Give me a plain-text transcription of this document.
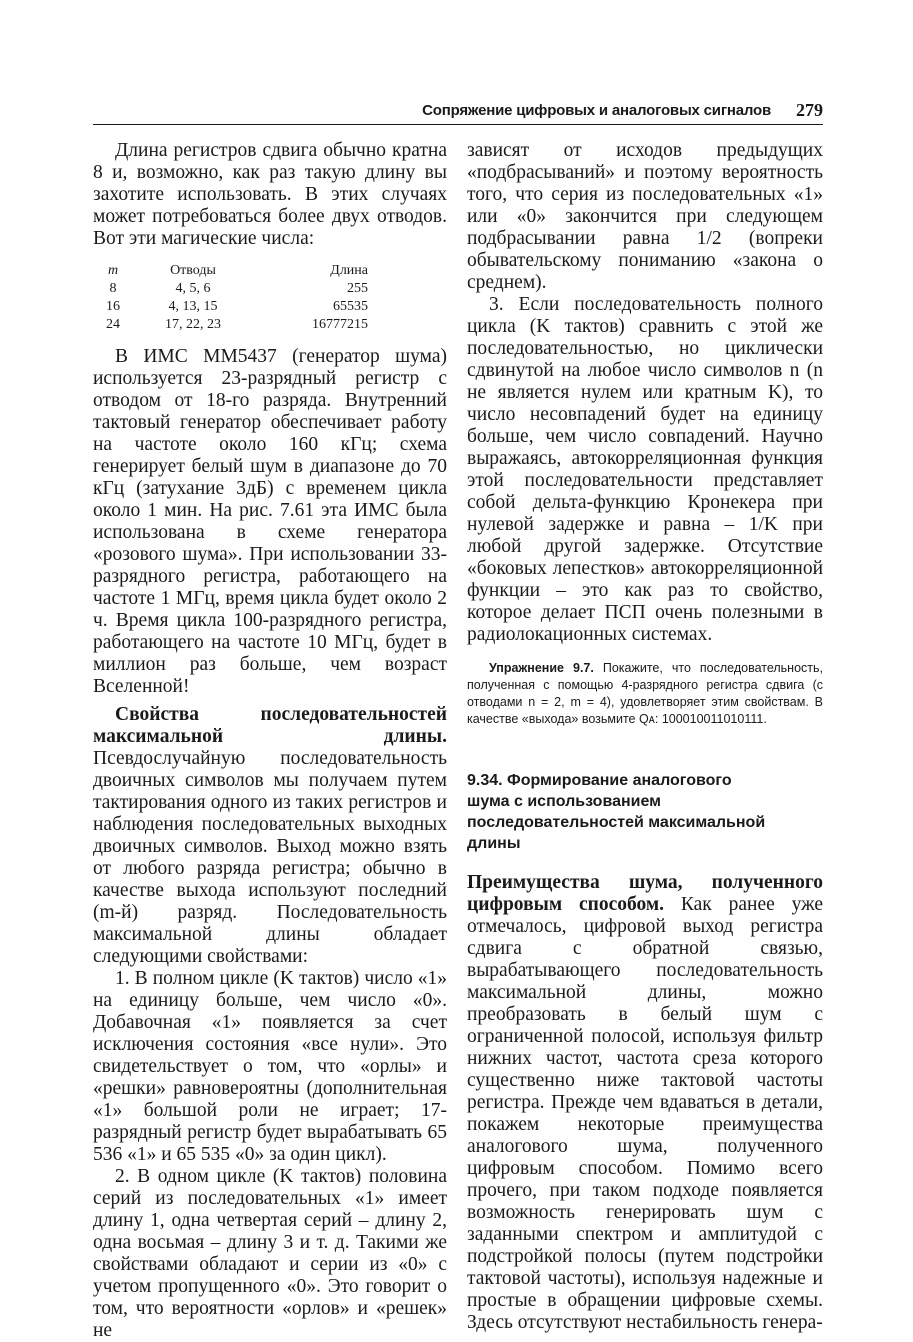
Сопряжение цифровых и аналоговых сигналов 279

Длина регистров сдвига обычно кратна 8 и, возможно, как раз такую длину вы захотите использовать. В этих случаях может потребоваться более двух отводов. Вот эти магические числа:

m	Отводы	Длина
8	4, 5, 6	255
16	4, 13, 15	65535
24	17, 22, 23	16777215

В ИМС ММ5437 (генератор шума) используется 23-разрядный регистр с отводом от 18-го разряда. Внутренний тактовый генератор обеспечивает работу на частоте около 160 кГц; схема генерирует белый шум в диапазоне до 70 кГц (затухание 3дБ) с временем цикла около 1 мин. На рис. 7.61 эта ИМС была использована в схеме генератора «розового шума». При использовании 33-разрядного регистра, работающего на частоте 1 МГц, время цикла будет около 2 ч. Время цикла 100-разрядного регистра, работающего на частоте 10 МГц, будет в миллион раз больше, чем возраст Вселенной!

Свойства последовательностей максимальной длины. Псевдослучайную последовательность двоичных символов мы получаем путем тактирования одного из таких регистров и наблюдения последовательных выходных двоичных символов. Выход можно взять от любого разряда регистра; обычно в качестве выхода используют последний (m-й) разряд. Последовательность максимальной длины обладает следующими свойствами:

1. В полном цикле (K тактов) число «1» на единицу больше, чем число «0». Добавочная «1» появляется за счет исключения состояния «все нули». Это свидетельствует о том, что «орлы» и «решки» равновероятны (дополнительная «1» большой роли не играет; 17-разрядный регистр будет вырабатывать 65 536 «1» и 65 535 «0» за один цикл).

2. В одном цикле (K тактов) половина серий из последовательных «1» имеет длину 1, одна четвертая серий – длину 2, одна восьмая – длину 3 и т. д. Такими же свойствами обладают и серии из «0» с учетом пропущенного «0». Это говорит о том, что вероятности «орлов» и «решек» не

зависят от исходов предыдущих «подбрасываний» и поэтому вероятность того, что серия из последовательных «1» или «0» закончится при следующем подбрасывании равна 1/2 (вопреки обывательскому пониманию «закона о среднем).

3. Если последовательность полного цикла (K тактов) сравнить с этой же последовательностью, но циклически сдвинутой на любое число символов n (n не является нулем или кратным K), то число несовпадений будет на единицу больше, чем число совпадений. Научно выражаясь, автокорреляционная функция этой последовательности представляет собой дельта-функцию Кронекера при нулевой задержке и равна – 1/K при любой другой задержке. Отсутствие «боковых лепестков» автокорреляционной функции – это как раз то свойство, которое делает ПСП очень полезными в радиолокационных системах.

Упражнение 9.7. Покажите, что последовательность, полученная с помощью 4-разрядного регистра сдвига (с отводами n = 2, m = 4), удовлетворяет этим свойствам. В качестве «выхода» возьмите Qᴀ: 100010011010111.

9.34. Формирование аналогового шума с использованием последовательностей максимальной длины

Преимущества шума, полученного цифровым способом. Как ранее уже отмечалось, цифровой выход регистра сдвига с обратной связью, вырабатывающего последовательность максимальной длины, можно преобразовать в белый шум с ограниченной полосой, используя фильтр нижних частот, частота среза которого существенно ниже тактовой частоты регистра. Прежде чем вдаваться в детали, покажем некоторые преимущества аналогового шума, полученного цифровым способом. Помимо всего прочего, при таком подходе появляется возможность генерировать шум с заданными спектром и амплитудой с подстройкой полосы (путем подстройки тактовой частоты), используя надежные и простые в обращении цифровые схемы. Здесь отсутствуют нестабильность генера-
